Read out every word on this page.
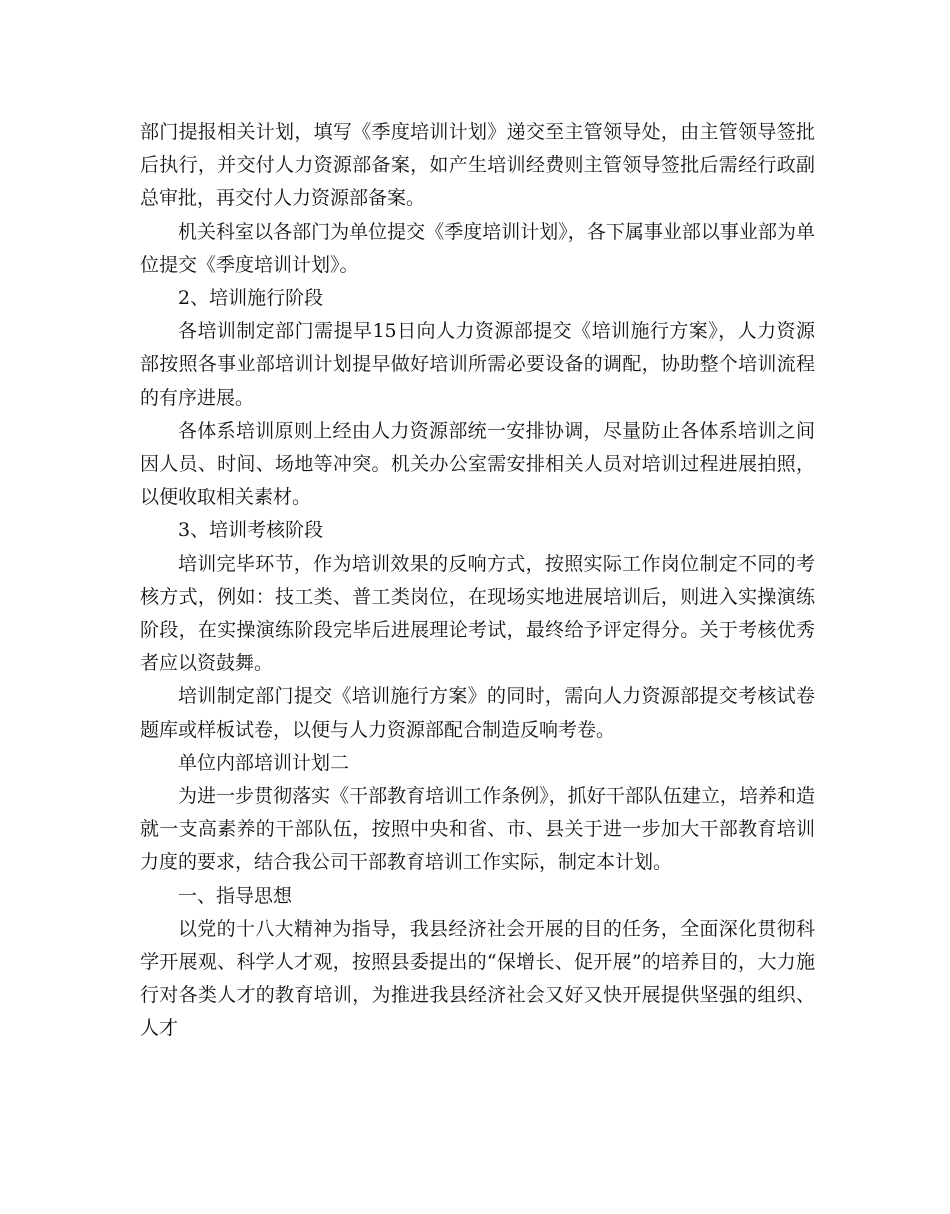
部门提报相关计划，填写《季度培训计划》递交至主管领导处，由主管领导签批后执行，并交付人力资源部备案，如产生培训经费则主管领导签批后需经行政副总审批，再交付人力资源部备案。

机关科室以各部门为单位提交《季度培训计划》，各下属事业部以事业部为单位提交《季度培训计划》。

2、培训施行阶段

各培训制定部门需提早15日向人力资源部提交《培训施行方案》，人力资源部按照各事业部培训计划提早做好培训所需必要设备的调配，协助整个培训流程的有序进展。

各体系培训原则上经由人力资源部统一安排协调，尽量防止各体系培训之间因人员、时间、场地等冲突。机关办公室需安排相关人员对培训过程进展拍照，以便收取相关素材。

3、培训考核阶段

培训完毕环节，作为培训效果的反响方式，按照实际工作岗位制定不同的考核方式，例如：技工类、普工类岗位，在现场实地进展培训后，则进入实操演练阶段，在实操演练阶段完毕后进展理论考试，最终给予评定得分。关于考核优秀者应以资鼓舞。

培训制定部门提交《培训施行方案》的同时，需向人力资源部提交考核试卷题库或样板试卷，以便与人力资源部配合制造反响考卷。

单位内部培训计划二

为进一步贯彻落实《干部教育培训工作条例》，抓好干部队伍建立，培养和造就一支高素养的干部队伍，按照中央和省、市、县关于进一步加大干部教育培训力度的要求，结合我公司干部教育培训工作实际，制定本计划。

一、指导思想

以党的十八大精神为指导，我县经济社会开展的目的任务，全面深化贯彻科学开展观、科学人才观，按照县委提出的“保增长、促开展”的培养目的，大力施行对各类人才的教育培训，为推进我县经济社会又好又快开展提供坚强的组织、人才
